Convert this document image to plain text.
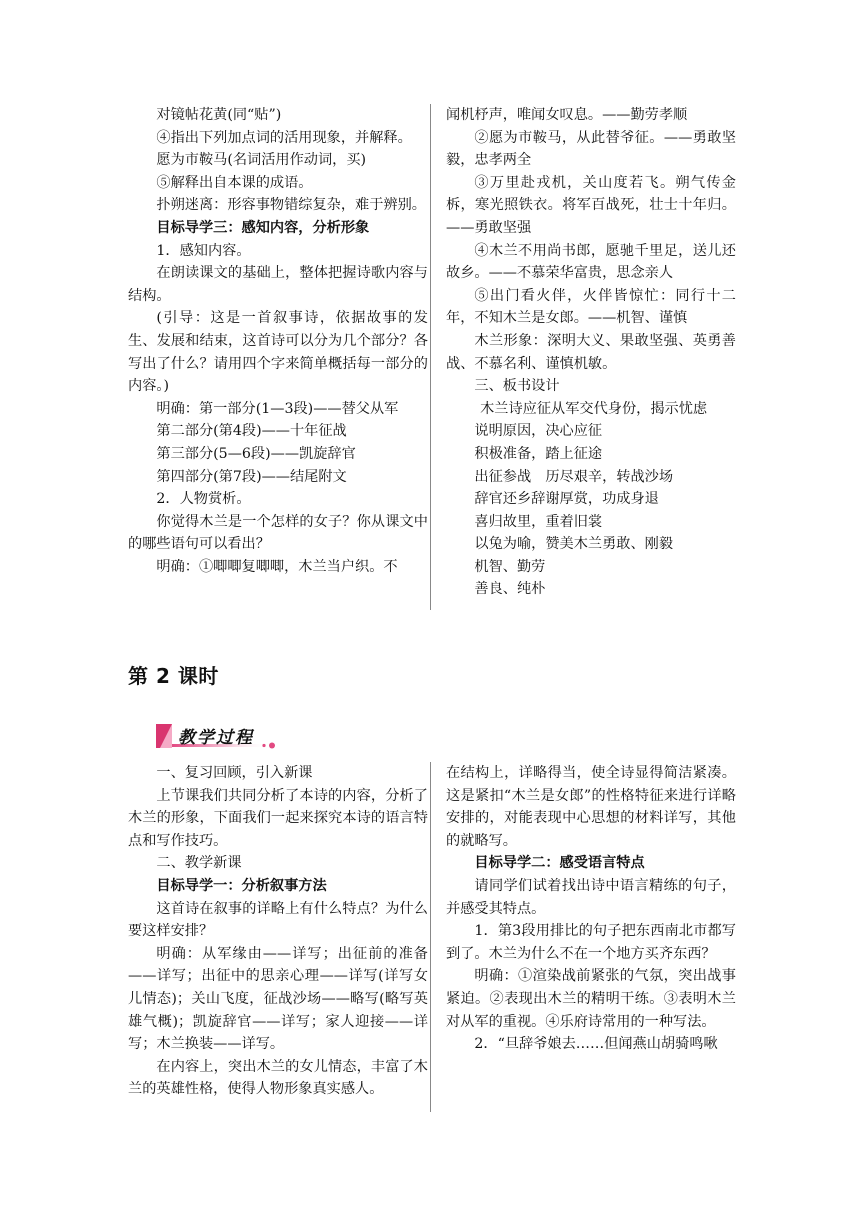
对镜帖花黄(同“贴”)

④指出下列加点词的活用现象，并解释。

愿为市鞍马(名词活用作动词，买)

⑤解释出自本课的成语。

扑朔迷离：形容事物错综复杂，难于辨别。

目标导学三：感知内容，分析形象

1．感知内容。

在朗读课文的基础上，整体把握诗歌内容与结构。

(引导：这是一首叙事诗，依据故事的发生、发展和结束，这首诗可以分为几个部分？各写出了什么？请用四个字来简单概括每一部分的内容。)

明确：第一部分(1—3段)——替父从军

第二部分(第4段)——十年征战

第三部分(5—6段)——凯旋辞官

第四部分(第7段)——结尾附文

2．人物赏析。

你觉得木兰是一个怎样的女子？你从课文中的哪些语句可以看出？

明确：①唧唧复唧唧，木兰当户织。不

闻机杼声，唯闻女叹息。——勤劳孝顺

②愿为市鞍马，从此替爷征。——勇敢坚毅，忠孝两全

③万里赴戎机，关山度若飞。朔气传金柝，寒光照铁衣。将军百战死，壮士十年归。——勇敢坚强

④木兰不用尚书郎，愿驰千里足，送儿还故乡。——不慕荣华富贵，思念亲人

⑤出门看火伴，火伴皆惊忙：同行十二年，不知木兰是女郎。——机智、谨慎

木兰形象：深明大义、果敢坚强、英勇善战、不慕名利、谨慎机敏。

三、板书设计

木兰诗应征从军交代身份，揭示忧虑

说明原因，决心应征

积极准备，踏上征途

出征参战　历尽艰辛，转战沙场

辞官还乡辞谢厚赏，功成身退

喜归故里，重着旧裳

以兔为喻，赞美木兰勇敢、刚毅

机智、勤劳

善良、纯朴

第 2 课时
教学过程

一、复习回顾，引入新课

上节课我们共同分析了本诗的内容，分析了木兰的形象，下面我们一起来探究本诗的语言特点和写作技巧。

二、教学新课

目标导学一：分析叙事方法

这首诗在叙事的详略上有什么特点？为什么要这样安排？

明确：从军缘由——详写；出征前的准备——详写；出征中的思亲心理——详写(详写女儿情态)；关山飞度，征战沙场——略写(略写英雄气概)；凯旋辞官——详写；家人迎接——详写；木兰换装——详写。

在内容上，突出木兰的女儿情态，丰富了木兰的英雄性格，使得人物形象真实感人。

在结构上，详略得当，使全诗显得简洁紧凑。这是紧扣“木兰是女郎”的性格特征来进行详略安排的，对能表现中心思想的材料详写，其他的就略写。

目标导学二：感受语言特点

请同学们试着找出诗中语言精练的句子，并感受其特点。

1．第3段用排比的句子把东西南北市都写到了。木兰为什么不在一个地方买齐东西？

明确：①渲染战前紧张的气氛，突出战事紧迫。②表现出木兰的精明干练。③表明木兰对从军的重视。④乐府诗常用的一种写法。

2．“旦辞爷娘去……但闻燕山胡骑鸣啾
